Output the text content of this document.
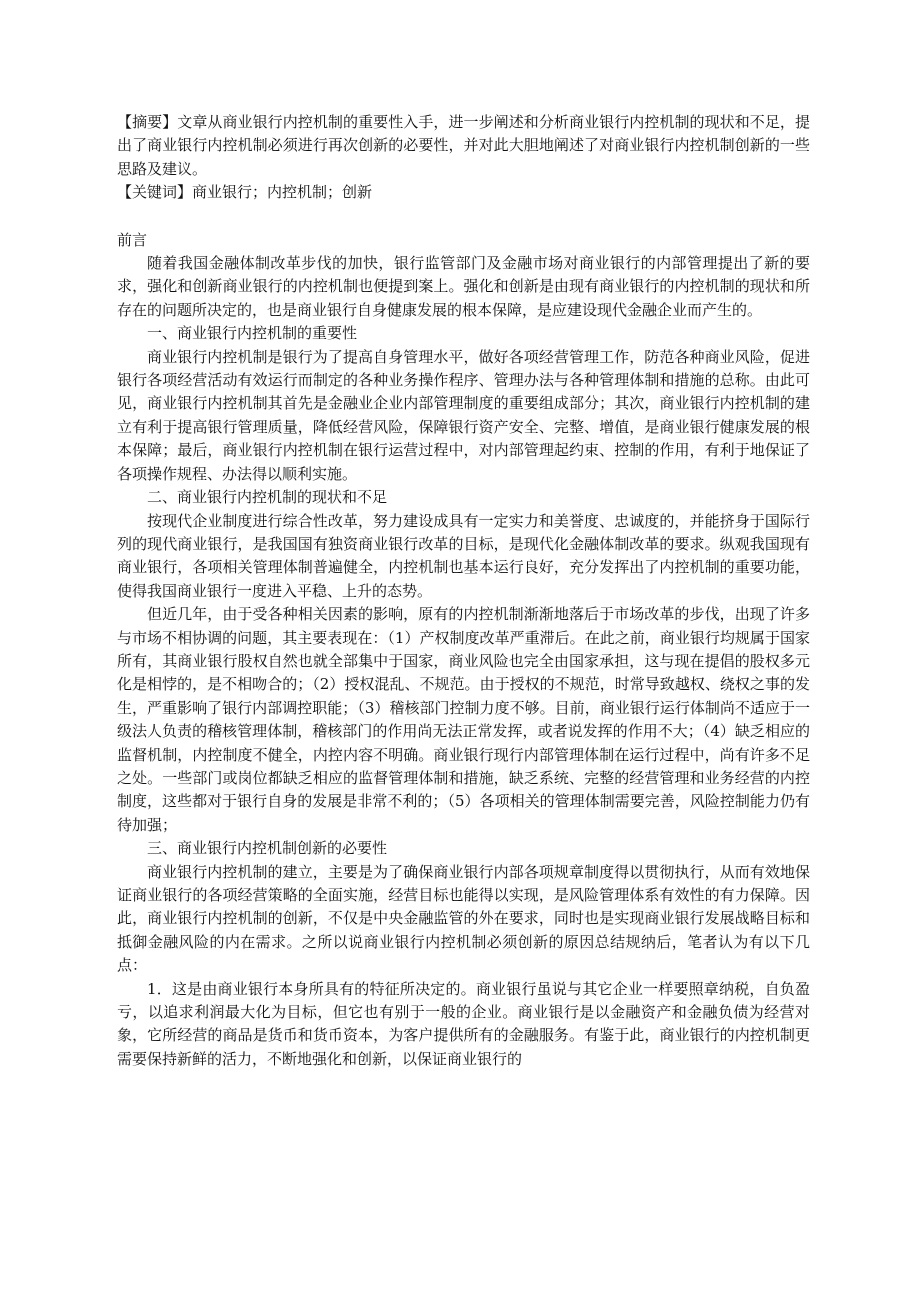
【摘要】文章从商业银行内控机制的重要性入手，进一步阐述和分析商业银行内控机制的现状和不足，提出了商业银行内控机制必须进行再次创新的必要性，并对此大胆地阐述了对商业银行内控机制创新的一些思路及建议。

【关键词】商业银行；内控机制；创新

前言

随着我国金融体制改革步伐的加快，银行监管部门及金融市场对商业银行的内部管理提出了新的要求，强化和创新商业银行的内控机制也便提到案上。强化和创新是由现有商业银行的内控机制的现状和所存在的问题所决定的，也是商业银行自身健康发展的根本保障，是应建设现代金融企业而产生的。

一、商业银行内控机制的重要性

商业银行内控机制是银行为了提高自身管理水平，做好各项经营管理工作，防范各种商业风险，促进银行各项经营活动有效运行而制定的各种业务操作程序、管理办法与各种管理体制和措施的总称。由此可见，商业银行内控机制其首先是金融业企业内部管理制度的重要组成部分；其次，商业银行内控机制的建立有利于提高银行管理质量，降低经营风险，保障银行资产安全、完整、增值，是商业银行健康发展的根本保障；最后，商业银行内控机制在银行运营过程中，对内部管理起约束、控制的作用，有利于地保证了各项操作规程、办法得以顺利实施。

二、商业银行内控机制的现状和不足

按现代企业制度进行综合性改革，努力建设成具有一定实力和美誉度、忠诚度的，并能挤身于国际行列的现代商业银行，是我国国有独资商业银行改革的目标，是现代化金融体制改革的要求。纵观我国现有商业银行，各项相关管理体制普遍健全，内控机制也基本运行良好，充分发挥出了内控机制的重要功能，使得我国商业银行一度进入平稳、上升的态势。

但近几年，由于受各种相关因素的影响，原有的内控机制渐渐地落后于市场改革的步伐，出现了许多与市场不相协调的问题，其主要表现在：（1）产权制度改革严重滞后。在此之前，商业银行均规属于国家所有，其商业银行股权自然也就全部集中于国家，商业风险也完全由国家承担，这与现在提倡的股权多元化是相悖的，是不相吻合的；（2）授权混乱、不规范。由于授权的不规范，时常导致越权、绕权之事的发生，严重影响了银行内部调控职能；（3）稽核部门控制力度不够。目前，商业银行运行体制尚不适应于一级法人负责的稽核管理体制，稽核部门的作用尚无法正常发挥，或者说发挥的作用不大；（4）缺乏相应的监督机制，内控制度不健全，内控内容不明确。商业银行现行内部管理体制在运行过程中，尚有许多不足之处。一些部门或岗位都缺乏相应的监督管理体制和措施，缺乏系统、完整的经营管理和业务经营的内控制度，这些都对于银行自身的发展是非常不利的；（5）各项相关的管理体制需要完善，风险控制能力仍有待加强；

三、商业银行内控机制创新的必要性

商业银行内控机制的建立，主要是为了确保商业银行内部各项规章制度得以贯彻执行，从而有效地保证商业银行的各项经营策略的全面实施，经营目标也能得以实现，是风险管理体系有效性的有力保障。因此，商业银行内控机制的创新，不仅是中央金融监管的外在要求，同时也是实现商业银行发展战略目标和抵御金融风险的内在需求。之所以说商业银行内控机制必须创新的原因总结规纳后，笔者认为有以下几点：

1．这是由商业银行本身所具有的特征所决定的。商业银行虽说与其它企业一样要照章纳税，自负盈亏，以追求利润最大化为目标，但它也有别于一般的企业。商业银行是以金融资产和金融负债为经营对象，它所经营的商品是货币和货币资本，为客户提供所有的金融服务。有鉴于此，商业银行的内控机制更需要保持新鲜的活力，不断地强化和创新，以保证商业银行的
